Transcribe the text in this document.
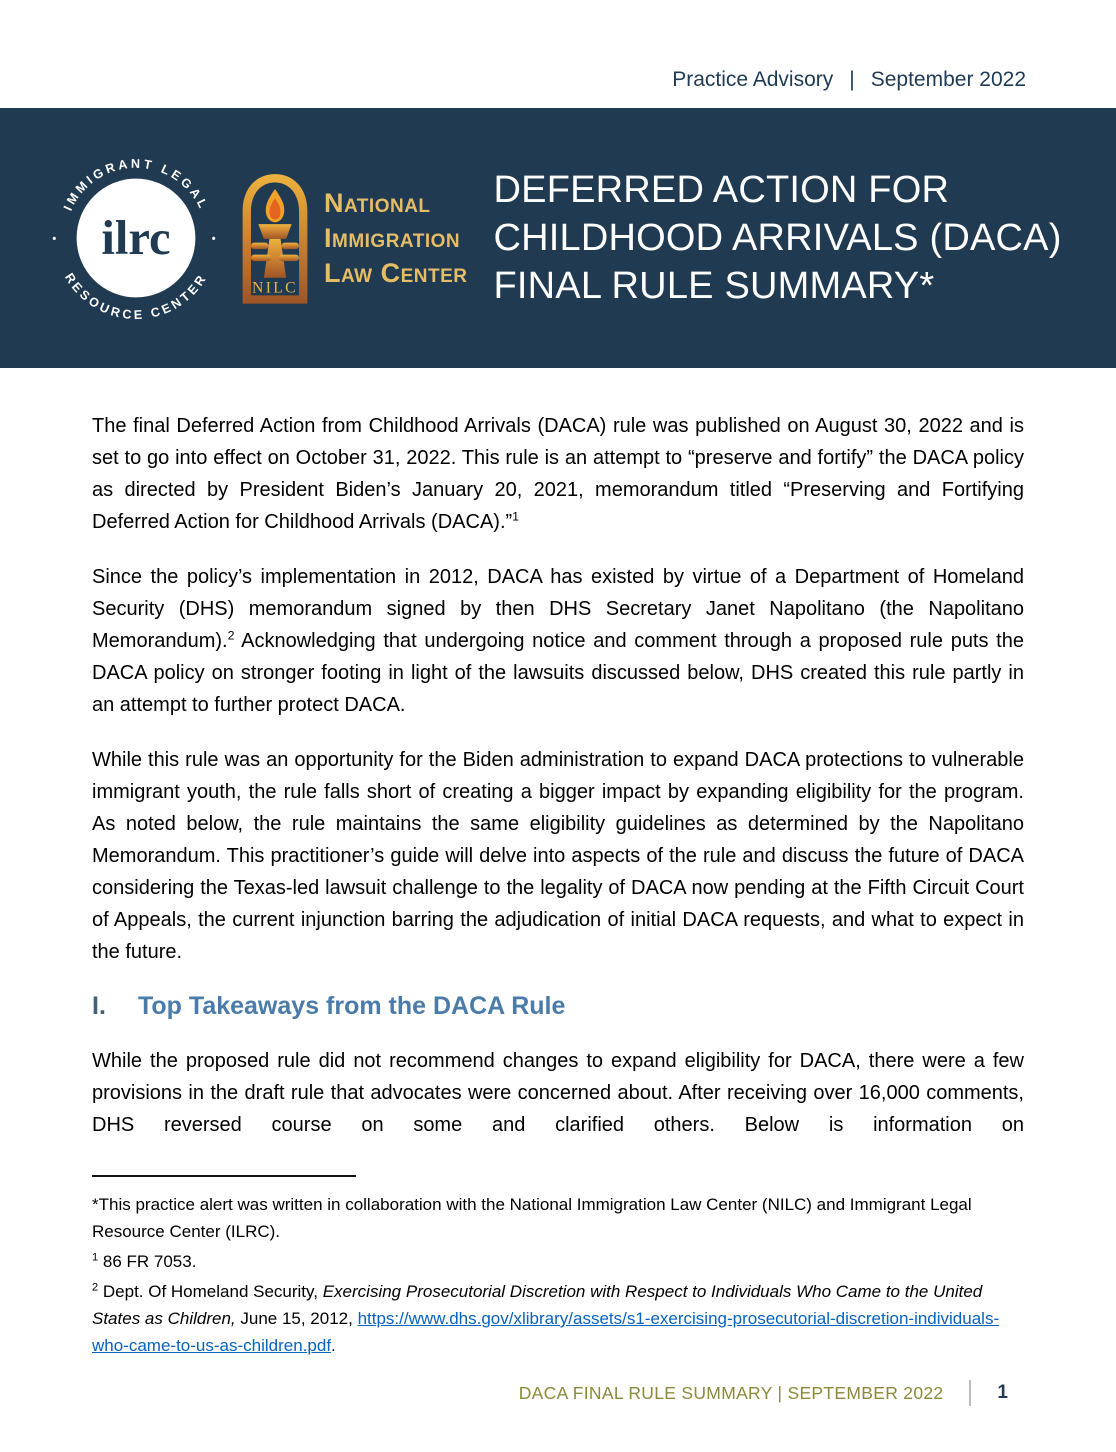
Practice Advisory | September 2022
IMMIGRANT LEGAL
RESOURCE CENTER
•	•
ilrc
NILC
National
Immigration
Law Center
DEFERRED ACTION FOR
CHILDHOOD ARRIVALS (DACA)
FINAL RULE SUMMARY*

The final Deferred Action from Childhood Arrivals (DACA) rule was published on August 30, 2022 and is set to go into effect on October 31, 2022. This rule is an attempt to “preserve and fortify” the DACA policy as directed by President Biden’s January 20, 2021, memorandum titled “Preserving and Fortifying Deferred Action for Childhood Arrivals (DACA).”$^1$

Since the policy’s implementation in 2012, DACA has existed by virtue of a Department of Homeland Security (DHS) memorandum signed by then DHS Secretary Janet Napolitano (the Napolitano Memorandum).$^2$ Acknowledging that undergoing notice and comment through a proposed rule puts the DACA policy on stronger footing in light of the lawsuits discussed below, DHS created this rule partly in an attempt to further protect DACA.

While this rule was an opportunity for the Biden administration to expand DACA protections to vulnerable immigrant youth, the rule falls short of creating a bigger impact by expanding eligibility for the program. As noted below, the rule maintains the same eligibility guidelines as determined by the Napolitano Memorandum. This practitioner’s guide will delve into aspects of the rule and discuss the future of DACA considering the Texas-led lawsuit challenge to the legality of DACA now pending at the Fifth Circuit Court of Appeals, the current injunction barring the adjudication of initial DACA requests, and what to expect in the future.

I.	Top Takeaways from the DACA Rule

While the proposed rule did not recommend changes to expand eligibility for DACA, there were a few provisions in the draft rule that advocates were concerned about. After receiving over 16,000 comments, DHS reversed course on some and clarified others. Below is information on

*This practice alert was written in collaboration with the National Immigration Law Center (NILC) and Immigrant Legal Resource Center (ILRC).

$^1$ 86 FR 7053.

$^2$ Dept. Of Homeland Security, Exercising Prosecutorial Discretion with Respect to Individuals Who Came to the United States as Children, June 15, 2012, https://www.dhs.gov/xlibrary/assets/s1-exercising-prosecutorial-discretion-individuals-who-came-to-us-as-children.pdf.

DACA FINAL RULE SUMMARY | SEPTEMBER 2022	1
